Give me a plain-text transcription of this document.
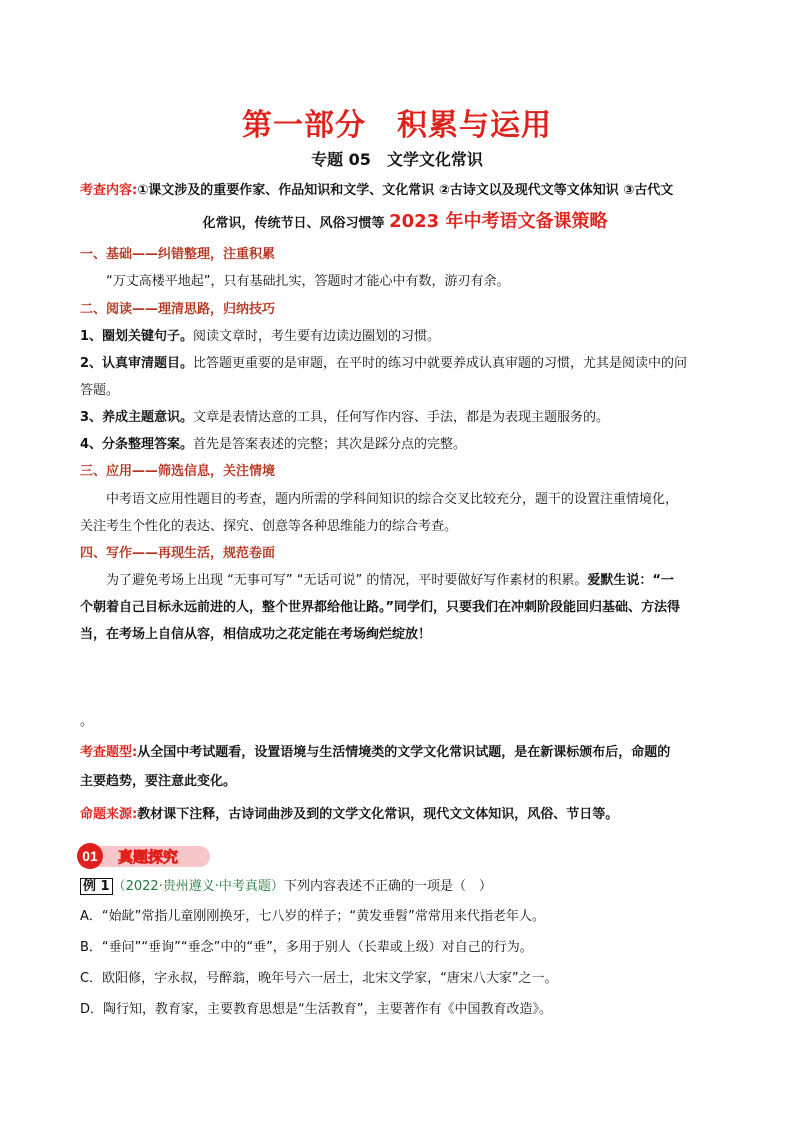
第一部分　积累与运用
专题 05　文学文化常识
考查内容:①课文涉及的重要作家、作品知识和文学、文化常识 ②古诗文以及现代文等文体知识 ③古代文
化常识，传统节日、风俗习惯等 2023 年中考语文备课策略
一、基础——纠错整理，注重积累
“万丈高楼平地起”，只有基础扎实，答题时才能心中有数，游刃有余。
二、阅读——理清思路，归纳技巧
1、圈划关键句子。阅读文章时，考生要有边读边圈划的习惯。
2、认真审清题目。比答题更重要的是审题，在平时的练习中就要养成认真审题的习惯，尤其是阅读中的问
答题。
3、养成主题意识。文章是表情达意的工具，任何写作内容、手法，都是为表现主题服务的。
4、分条整理答案。首先是答案表述的完整；其次是踩分点的完整。
三、应用——筛选信息，关注情境
中考语文应用性题目的考查，题内所需的学科间知识的综合交叉比较充分，题干的设置注重情境化，
关注考生个性化的表达、探究、创意等各种思维能力的综合考查。
四、写作——再现生活，规范卷面
为了避免考场上出现 “无事可写” “无话可说” 的情况，平时要做好写作素材的积累。爱默生说：“一
个朝着自己目标永远前进的人，整个世界都给他让路。”同学们，只要我们在冲刺阶段能回归基础、方法得
当，在考场上自信从容，相信成功之花定能在考场绚烂绽放！
。
考查题型:从全国中考试题看，设置语境与生活情境类的文学文化常识试题，是在新课标颁布后，命题的
主要趋势，要注意此变化。
命题来源:教材课下注释，古诗词曲涉及到的文学文化常识，现代文文体知识，风俗、节日等。
01 真题探究
例 1 （2022·贵州遵义·中考真题）下列内容表述不正确的一项是（　）
A．“始龀”常指儿童刚刚换牙，七八岁的样子；“黄发垂髫”常常用来代指老年人。
B．“垂问”“垂询”“垂念”中的“垂”，多用于别人（长辈或上级）对自己的行为。
C．欧阳修，字永叔，号醉翁，晚年号六一居士，北宋文学家，“唐宋八大家”之一。
D．陶行知，教育家，主要教育思想是“生活教育”，主要著作有《中国教育改造》。
